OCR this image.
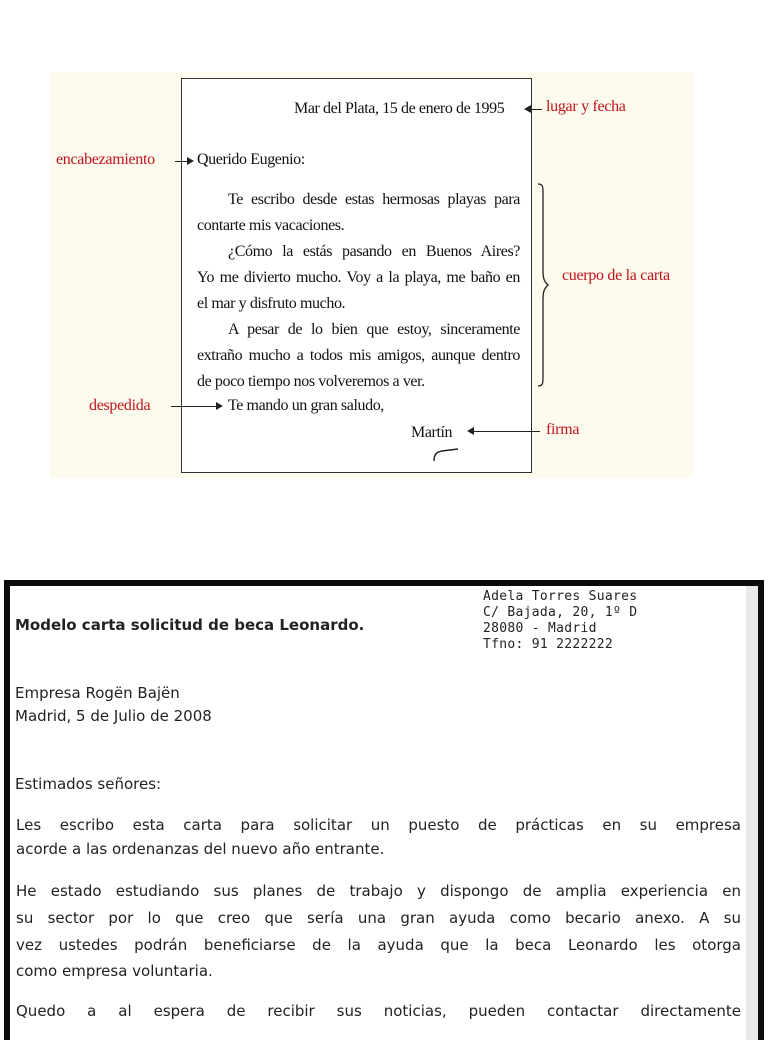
Mar del Plata, 15 de enero de 1995
Querido Eugenio:
Te escribo desde estas hermosas playas para
contarte mis vacaciones.
¿Cómo la estás pasando en Buenos Aires?
Yo me divierto mucho. Voy a la playa, me baño en
el mar y disfruto mucho.
A pesar de lo bien que estoy, sinceramente
extraño mucho a todos mis amigos, aunque dentro
de poco tiempo nos volveremos a ver.
Te mando un gran saludo,
Martín
lugar y fecha
encabezamiento
cuerpo de la carta
despedida
firma
Modelo carta solicitud de beca Leonardo.
Adela Torres Suares
C/ Bajada, 20, 1º D
28080 - Madrid
Tfno: 91 2222222
Empresa Rogën Bajën
Madrid, 5 de Julio de 2008
Estimados señores:
Les escribo esta carta para solicitar un puesto de prácticas en su empresa
acorde a las ordenanzas del nuevo año entrante.
He estado estudiando sus planes de trabajo y dispongo de amplia experiencia en
su sector por lo que creo que sería una gran ayuda como becario anexo. A su
vez ustedes podrán beneficiarse de la ayuda que la beca Leonardo les otorga
como empresa voluntaria.
Quedo a al espera de recibir sus noticias, pueden contactar directamente
